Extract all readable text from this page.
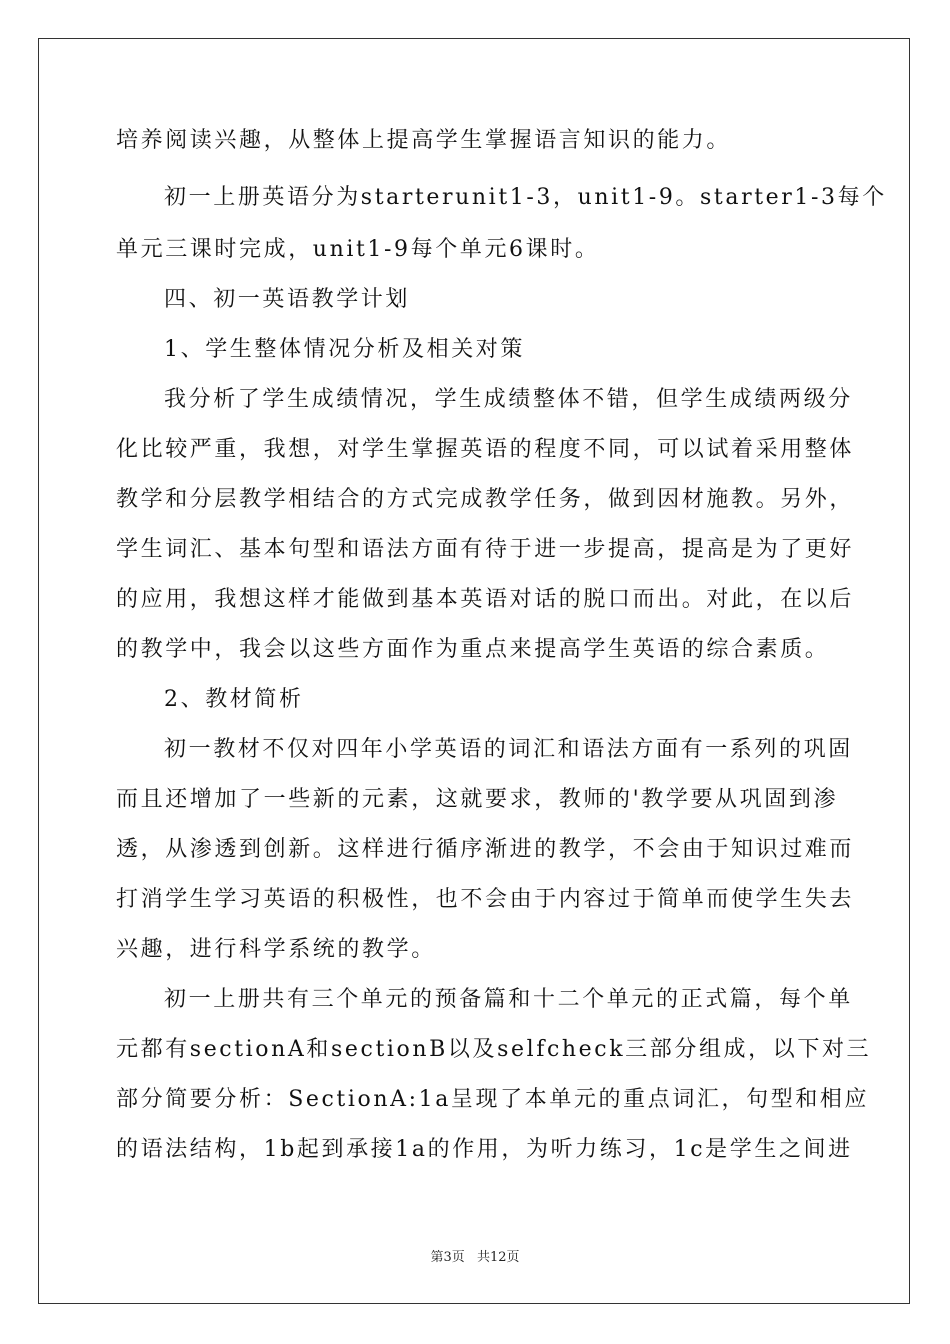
培养阅读兴趣，从整体上提高学生掌握语言知识的能力。
初一上册英语分为starterunit1-3，unit1-9。starter1-3每个
单元三课时完成，unit1-9每个单元6课时。
四、初一英语教学计划
1、学生整体情况分析及相关对策
我分析了学生成绩情况，学生成绩整体不错，但学生成绩两级分
化比较严重，我想，对学生掌握英语的程度不同，可以试着采用整体
教学和分层教学相结合的方式完成教学任务，做到因材施教。另外，
学生词汇、基本句型和语法方面有待于进一步提高，提高是为了更好
的应用，我想这样才能做到基本英语对话的脱口而出。对此，在以后
的教学中，我会以这些方面作为重点来提高学生英语的综合素质。
2、教材简析
初一教材不仅对四年小学英语的词汇和语法方面有一系列的巩固
而且还增加了一些新的元素，这就要求，教师的'教学要从巩固到渗
透，从渗透到创新。这样进行循序渐进的教学，不会由于知识过难而
打消学生学习英语的积极性，也不会由于内容过于简单而使学生失去
兴趣，进行科学系统的教学。
初一上册共有三个单元的预备篇和十二个单元的正式篇，每个单
元都有sectionA和sectionB以及selfcheck三部分组成，以下对三
部分简要分析：SectionA:1a呈现了本单元的重点词汇，句型和相应
的语法结构，1b起到承接1a的作用，为听力练习，1c是学生之间进
第3页 共12页
